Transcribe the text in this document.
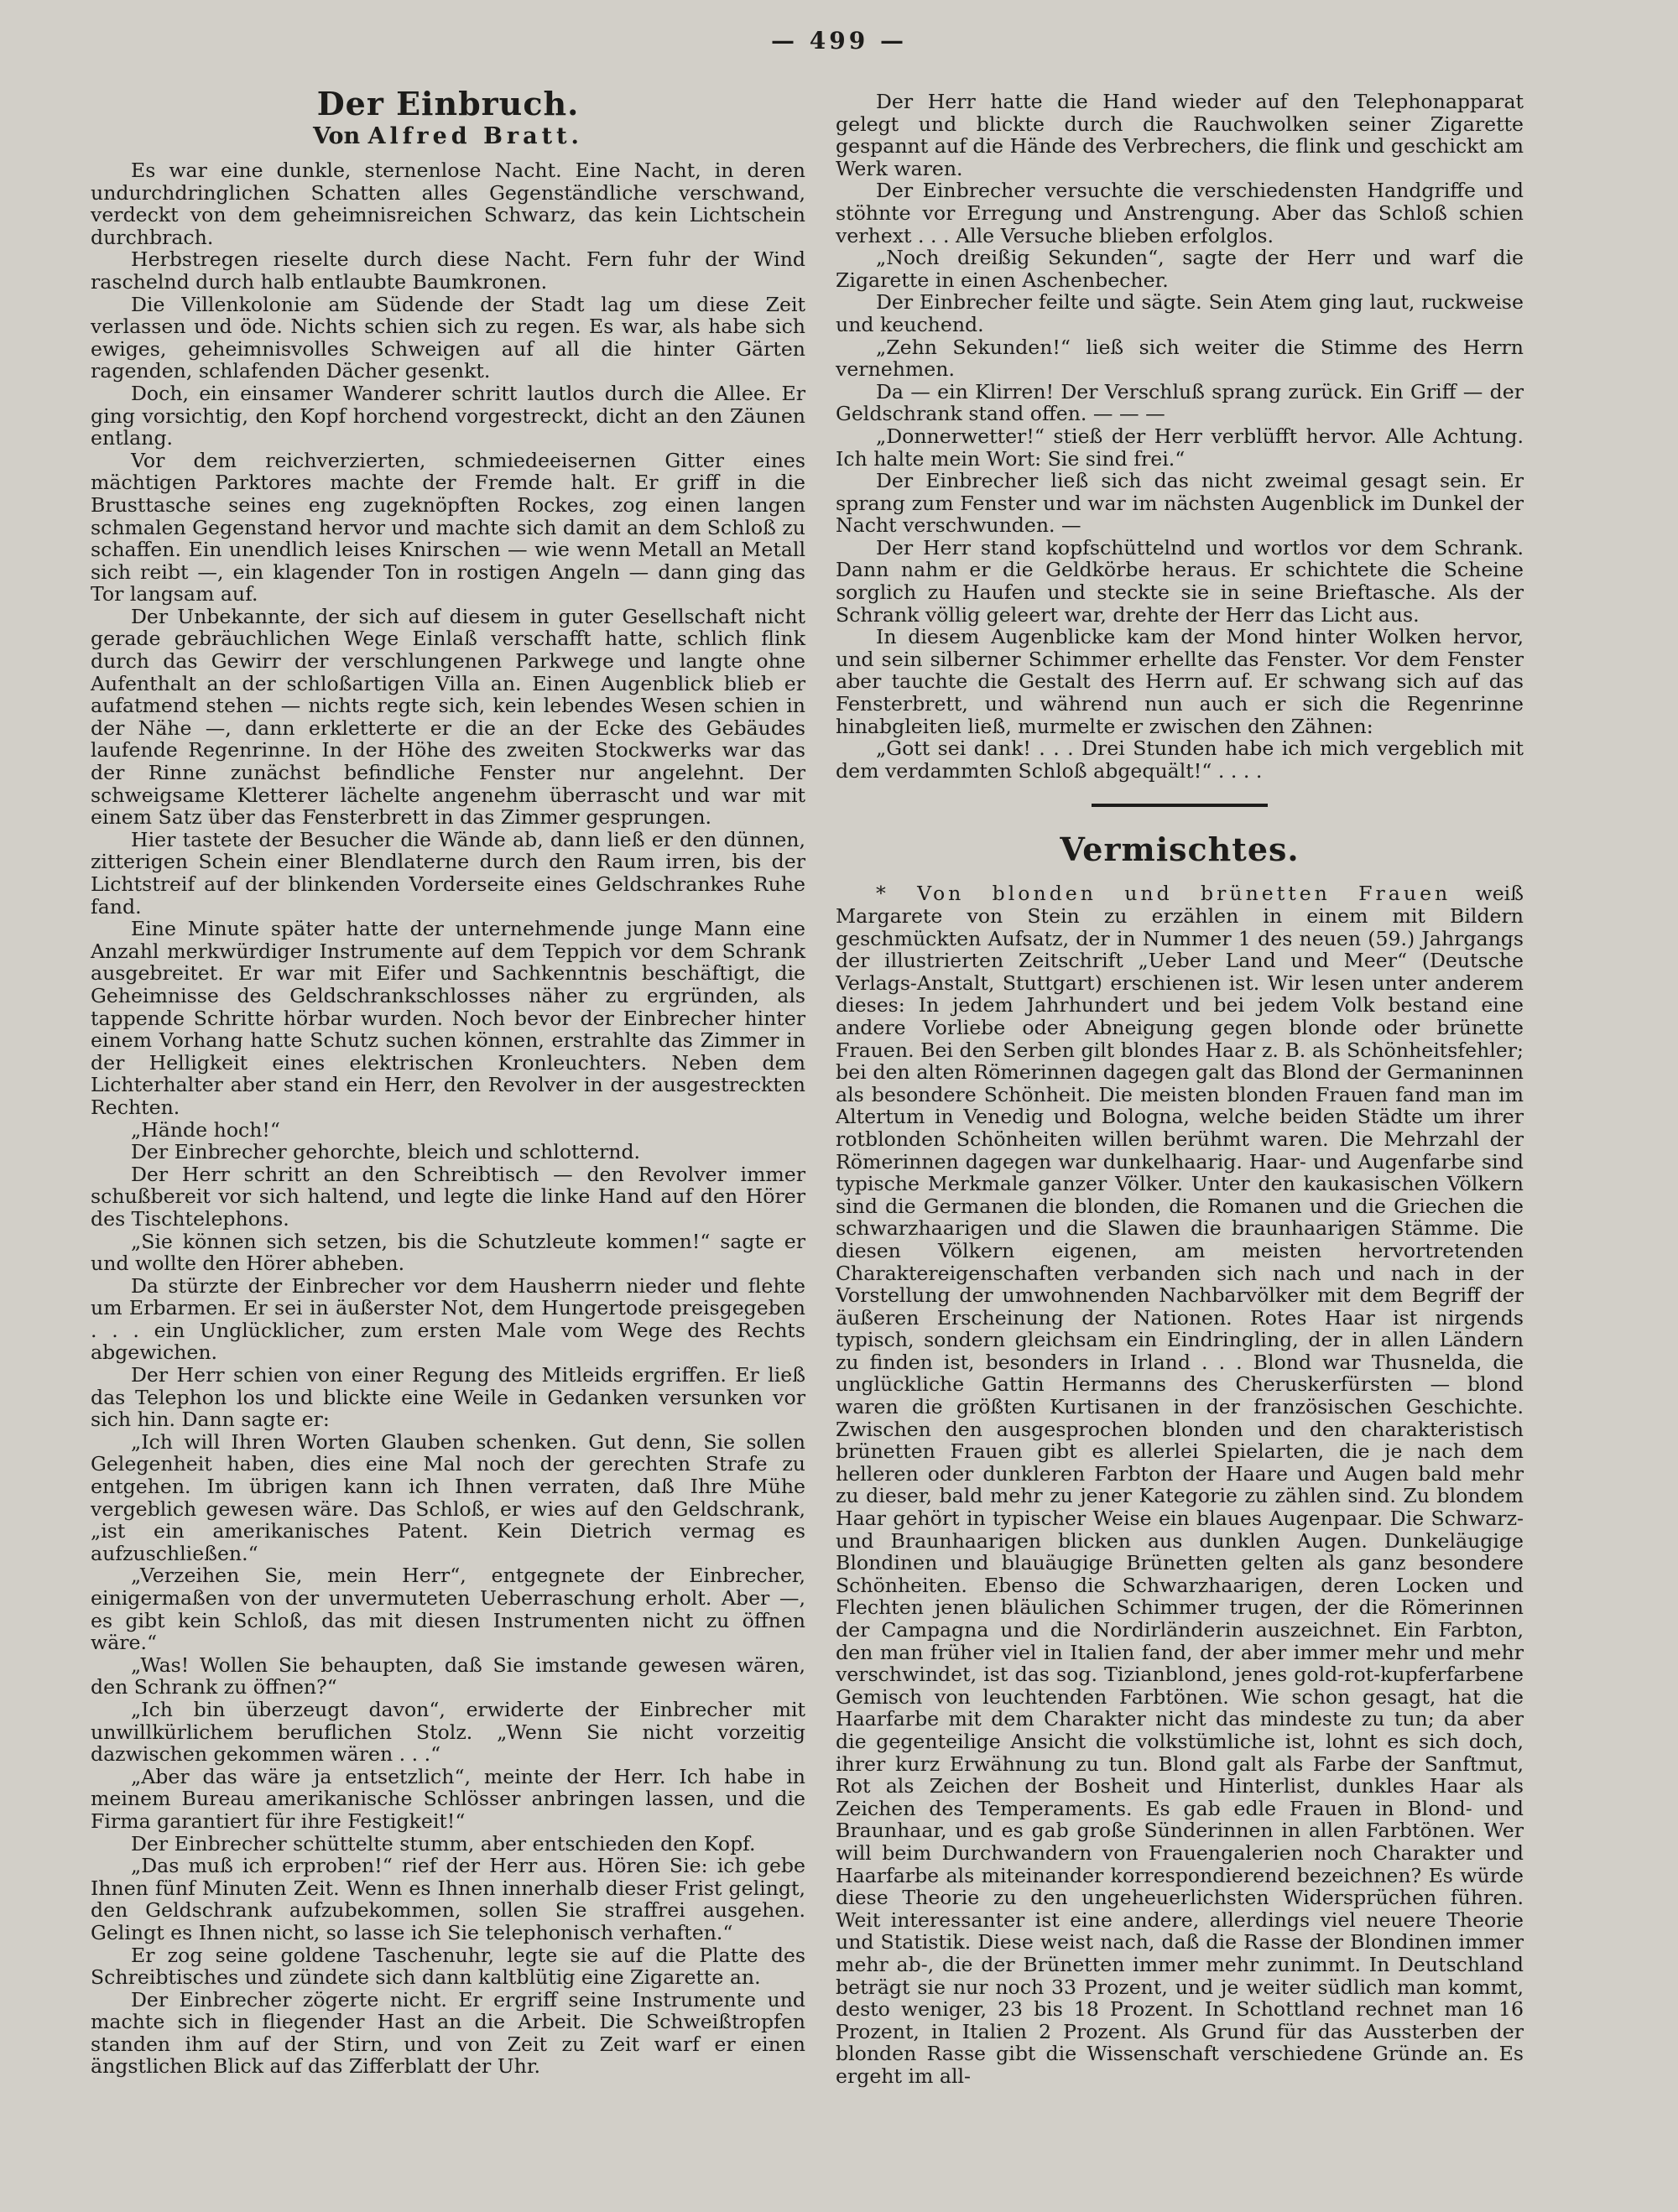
— 499 —
Der Einbruch.
Von Alfred Bratt.

Es war eine dunkle, sternenlose Nacht. Eine Nacht, in deren undurchdringlichen Schatten alles Gegenständliche verschwand, verdeckt von dem geheimnisreichen Schwarz, das kein Lichtschein durchbrach.

Herbstregen rieselte durch diese Nacht. Fern fuhr der Wind raschelnd durch halb entlaubte Baumkronen.

Die Villenkolonie am Südende der Stadt lag um diese Zeit verlassen und öde. Nichts schien sich zu regen. Es war, als habe sich ewiges, geheimnisvolles Schweigen auf all die hinter Gärten ragenden, schlafenden Dächer gesenkt.

Doch, ein einsamer Wanderer schritt lautlos durch die Allee. Er ging vorsichtig, den Kopf horchend vorgestreckt, dicht an den Zäunen entlang.

Vor dem reichverzierten, schmiedeeisernen Gitter eines mächtigen Parktores machte der Fremde halt. Er griff in die Brusttasche seines eng zugeknöpften Rockes, zog einen langen schmalen Gegenstand hervor und machte sich damit an dem Schloß zu schaffen. Ein unendlich leises Knirschen — wie wenn Metall an Metall sich reibt —, ein klagender Ton in rostigen Angeln — dann ging das Tor langsam auf.

Der Unbekannte, der sich auf diesem in guter Gesellschaft nicht gerade gebräuchlichen Wege Einlaß verschafft hatte, schlich flink durch das Gewirr der verschlungenen Parkwege und langte ohne Aufenthalt an der schloßartigen Villa an. Einen Augenblick blieb er aufatmend stehen — nichts regte sich, kein lebendes Wesen schien in der Nähe —, dann erkletterte er die an der Ecke des Gebäudes laufende Regenrinne. In der Höhe des zweiten Stockwerks war das der Rinne zunächst befindliche Fenster nur angelehnt. Der schweigsame Kletterer lächelte angenehm überrascht und war mit einem Satz über das Fensterbrett in das Zimmer gesprungen.

Hier tastete der Besucher die Wände ab, dann ließ er den dünnen, zitterigen Schein einer Blendlaterne durch den Raum irren, bis der Lichtstreif auf der blinkenden Vorderseite eines Geldschrankes Ruhe fand.

Eine Minute später hatte der unternehmende junge Mann eine Anzahl merkwürdiger Instrumente auf dem Teppich vor dem Schrank ausgebreitet. Er war mit Eifer und Sachkenntnis beschäftigt, die Geheimnisse des Geldschrankschlosses näher zu ergründen, als tappende Schritte hörbar wurden. Noch bevor der Einbrecher hinter einem Vorhang hatte Schutz suchen können, erstrahlte das Zimmer in der Helligkeit eines elektrischen Kronleuchters. Neben dem Lichterhalter aber stand ein Herr, den Revolver in der ausgestreckten Rechten.

„Hände hoch!“

Der Einbrecher gehorchte, bleich und schlotternd.

Der Herr schritt an den Schreibtisch — den Revolver immer schußbereit vor sich haltend, und legte die linke Hand auf den Hörer des Tischtelephons.

„Sie können sich setzen, bis die Schutzleute kommen!“ sagte er und wollte den Hörer abheben.

Da stürzte der Einbrecher vor dem Hausherrn nieder und flehte um Erbarmen. Er sei in äußerster Not, dem Hungertode preisgegeben . . . ein Unglücklicher, zum ersten Male vom Wege des Rechts abgewichen.

Der Herr schien von einer Regung des Mitleids ergriffen. Er ließ das Telephon los und blickte eine Weile in Gedanken versunken vor sich hin. Dann sagte er:

„Ich will Ihren Worten Glauben schenken. Gut denn, Sie sollen Gelegenheit haben, dies eine Mal noch der gerechten Strafe zu entgehen. Im übrigen kann ich Ihnen verraten, daß Ihre Mühe vergeblich gewesen wäre. Das Schloß, er wies auf den Geldschrank, „ist ein amerikanisches Patent. Kein Dietrich vermag es aufzuschließen.“

„Verzeihen Sie, mein Herr“, entgegnete der Einbrecher, einigermaßen von der unvermuteten Ueberraschung erholt. Aber —, es gibt kein Schloß, das mit diesen Instrumenten nicht zu öffnen wäre.“

„Was! Wollen Sie behaupten, daß Sie imstande gewesen wären, den Schrank zu öffnen?“

„Ich bin überzeugt davon“, erwiderte der Einbrecher mit unwillkürlichem beruflichen Stolz. „Wenn Sie nicht vorzeitig dazwischen gekommen wären . . .“

„Aber das wäre ja entsetzlich“, meinte der Herr. Ich habe in meinem Bureau amerikanische Schlösser anbringen lassen, und die Firma garantiert für ihre Festigkeit!“

Der Einbrecher schüttelte stumm, aber entschieden den Kopf.

„Das muß ich erproben!“ rief der Herr aus. Hören Sie: ich gebe Ihnen fünf Minuten Zeit. Wenn es Ihnen innerhalb dieser Frist gelingt, den Geldschrank aufzubekommen, sollen Sie straffrei ausgehen. Gelingt es Ihnen nicht, so lasse ich Sie telephonisch verhaften.“

Er zog seine goldene Taschenuhr, legte sie auf die Platte des Schreibtisches und zündete sich dann kaltblütig eine Zigarette an.

Der Einbrecher zögerte nicht. Er ergriff seine Instrumente und machte sich in fliegender Hast an die Arbeit. Die Schweißtropfen standen ihm auf der Stirn, und von Zeit zu Zeit warf er einen ängstlichen Blick auf das Zifferblatt der Uhr.

Der Herr hatte die Hand wieder auf den Telephonapparat gelegt und blickte durch die Rauchwolken seiner Zigarette gespannt auf die Hände des Verbrechers, die flink und geschickt am Werk waren.

Der Einbrecher versuchte die verschiedensten Handgriffe und stöhnte vor Erregung und Anstrengung. Aber das Schloß schien verhext . . . Alle Versuche blieben erfolglos.

„Noch dreißig Sekunden“, sagte der Herr und warf die Zigarette in einen Aschenbecher.

Der Einbrecher feilte und sägte. Sein Atem ging laut, ruckweise und keuchend.

„Zehn Sekunden!“ ließ sich weiter die Stimme des Herrn vernehmen.

Da — ein Klirren! Der Verschluß sprang zurück. Ein Griff — der Geldschrank stand offen. — — —

„Donnerwetter!“ stieß der Herr verblüfft hervor. Alle Achtung. Ich halte mein Wort: Sie sind frei.“

Der Einbrecher ließ sich das nicht zweimal gesagt sein. Er sprang zum Fenster und war im nächsten Augenblick im Dunkel der Nacht verschwunden. —

Der Herr stand kopfschüttelnd und wortlos vor dem Schrank. Dann nahm er die Geldkörbe heraus. Er schichtete die Scheine sorglich zu Haufen und steckte sie in seine Brieftasche. Als der Schrank völlig geleert war, drehte der Herr das Licht aus.

In diesem Augenblicke kam der Mond hinter Wolken hervor, und sein silberner Schimmer erhellte das Fenster. Vor dem Fenster aber tauchte die Gestalt des Herrn auf. Er schwang sich auf das Fensterbrett, und während nun auch er sich die Regenrinne hinabgleiten ließ, murmelte er zwischen den Zähnen:

„Gott sei dank! . . . Drei Stunden habe ich mich vergeblich mit dem verdammten Schloß abgequält!“ . . . .

Vermischtes.

* Von blonden und brünetten Frauen weiß Margarete von Stein zu erzählen in einem mit Bildern geschmückten Aufsatz, der in Nummer 1 des neuen (59.) Jahrgangs der illustrierten Zeitschrift „Ueber Land und Meer“ (Deutsche Verlags-Anstalt, Stuttgart) erschienen ist. Wir lesen unter anderem dieses: In jedem Jahrhundert und bei jedem Volk bestand eine andere Vorliebe oder Abneigung gegen blonde oder brünette Frauen. Bei den Serben gilt blondes Haar z. B. als Schönheitsfehler; bei den alten Römerinnen dagegen galt das Blond der Germaninnen als besondere Schönheit. Die meisten blonden Frauen fand man im Altertum in Venedig und Bologna, welche beiden Städte um ihrer rotblonden Schönheiten willen berühmt waren. Die Mehrzahl der Römerinnen dagegen war dunkelhaarig. Haar- und Augenfarbe sind typische Merkmale ganzer Völker. Unter den kaukasischen Völkern sind die Germanen die blonden, die Romanen und die Griechen die schwarzhaarigen und die Slawen die braunhaarigen Stämme. Die diesen Völkern eigenen, am meisten hervortretenden Charaktereigenschaften verbanden sich nach und nach in der Vorstellung der umwohnenden Nachbarvölker mit dem Begriff der äußeren Erscheinung der Nationen. Rotes Haar ist nirgends typisch, sondern gleichsam ein Eindringling, der in allen Ländern zu finden ist, besonders in Irland . . . Blond war Thusnelda, die unglückliche Gattin Hermanns des Cheruskerfürsten — blond waren die größten Kurtisanen in der französischen Geschichte. Zwischen den ausgesprochen blonden und den charakteristisch brünetten Frauen gibt es allerlei Spielarten, die je nach dem helleren oder dunkleren Farbton der Haare und Augen bald mehr zu dieser, bald mehr zu jener Kategorie zu zählen sind. Zu blondem Haar gehört in typischer Weise ein blaues Augenpaar. Die Schwarz- und Braunhaarigen blicken aus dunklen Augen. Dunkeläugige Blondinen und blauäugige Brünetten gelten als ganz besondere Schönheiten. Ebenso die Schwarzhaarigen, deren Locken und Flechten jenen bläulichen Schimmer trugen, der die Römerinnen der Campagna und die Nordirländerin auszeichnet. Ein Farbton, den man früher viel in Italien fand, der aber immer mehr und mehr verschwindet, ist das sog. Tizianblond, jenes gold-rot-kupferfarbene Gemisch von leuchtenden Farbtönen. Wie schon gesagt, hat die Haarfarbe mit dem Charakter nicht das mindeste zu tun; da aber die gegenteilige Ansicht die volkstümliche ist, lohnt es sich doch, ihrer kurz Erwähnung zu tun. Blond galt als Farbe der Sanftmut, Rot als Zeichen der Bosheit und Hinterlist, dunkles Haar als Zeichen des Temperaments. Es gab edle Frauen in Blond- und Braunhaar, und es gab große Sünderinnen in allen Farbtönen. Wer will beim Durchwandern von Frauengalerien noch Charakter und Haarfarbe als miteinander korrespondierend bezeichnen? Es würde diese Theorie zu den ungeheuerlichsten Widersprüchen führen. Weit interessanter ist eine andere, allerdings viel neuere Theorie und Statistik. Diese weist nach, daß die Rasse der Blondinen immer mehr ab-, die der Brünetten immer mehr zunimmt. In Deutschland beträgt sie nur noch 33 Prozent, und je weiter südlich man kommt, desto weniger, 23 bis 18 Prozent. In Schottland rechnet man 16 Prozent, in Italien 2 Prozent. Als Grund für das Aussterben der blonden Rasse gibt die Wissenschaft verschiedene Gründe an. Es ergeht im all-
